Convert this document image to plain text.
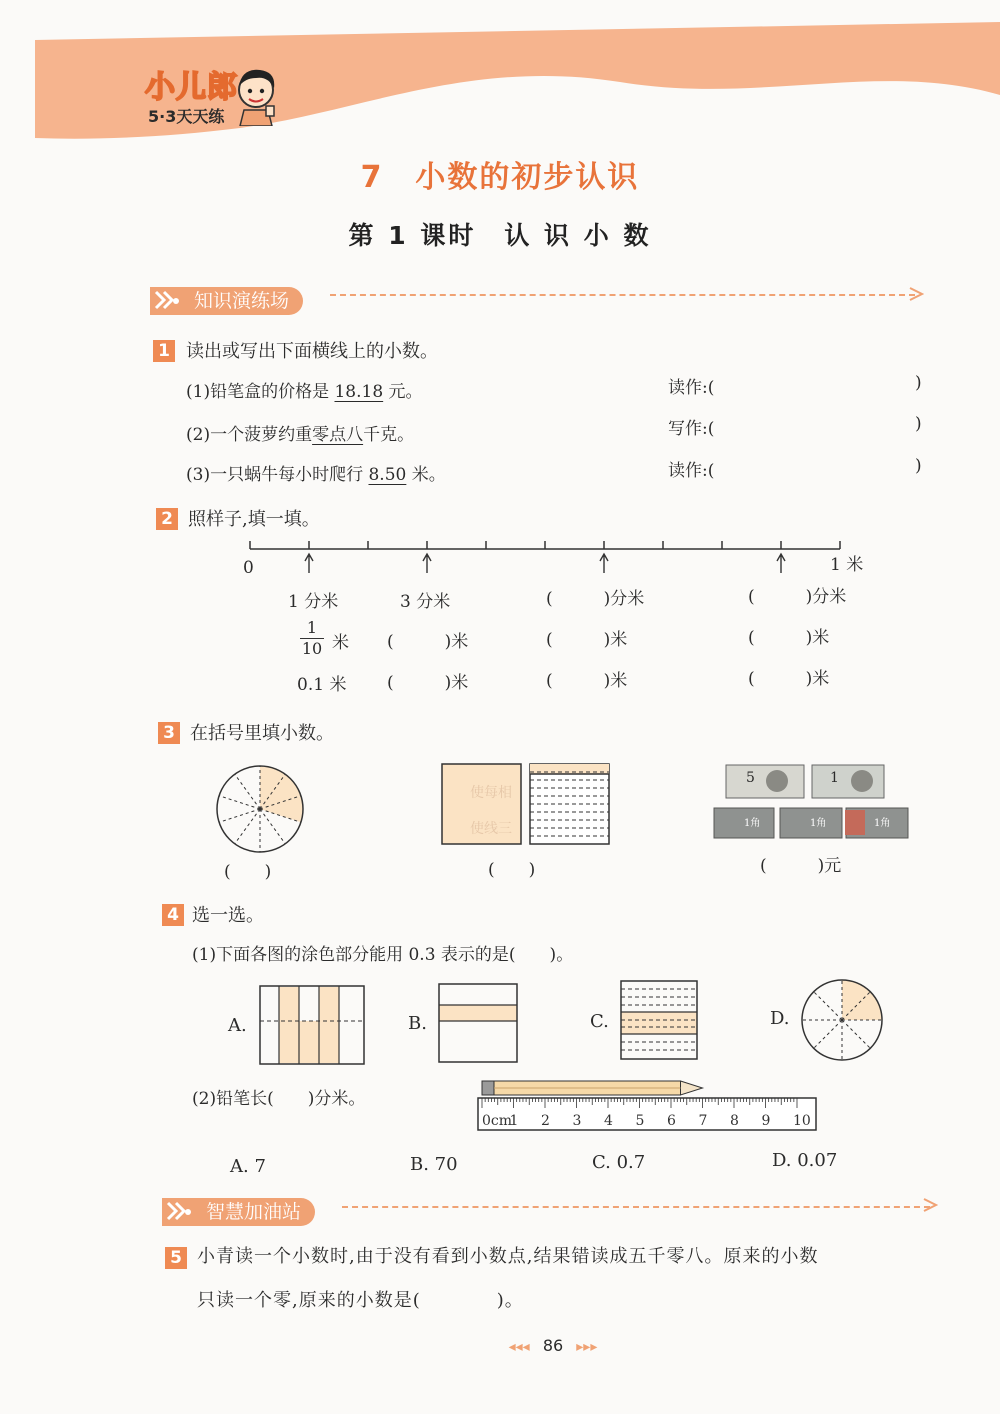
小儿郎
5·3天天练
7　小数的初步认识
第 1 课时　认 识 小 数
知识演练场
1 读出或写出下面横线上的小数。
(1)铅笔盒的价格是 18.18 元。	读作:(	)
(2)一个菠萝约重零点八千克。	写作:(	)
(3)一只蜗牛每小时爬行 8.50 米。	读作:(	)
2 照样子,填一填。
0	1 米
1 分米	3 分米	(　　　)分米	(　　　)分米
$\frac{1}{10}$ 米 (　　　)米	(　　　)米	(　　　)米
0.1 米 (　　　)米	(　　　)米	(　　　)米
3 在括号里填小数。
(　　)
使每相
使线三
(　　)
5	1
1角	1角	1角
(　　　)元
4 选一选。
(1)下面各图的涂色部分能用 0.3 表示的是(　　)。
A.	B.	C.	D.
(2)铅笔长(　　)分米。
0cm
1 2 3 4 5 6 7 8 9 10
A. 7	B. 70	C. 0.7	D. 0.07
智慧加油站
5 小青读一个小数时,由于没有看到小数点,结果错读成五千零八。原来的小数
只读一个零,原来的小数是(　　　　)。
◂◂◂ 86 ▸▸▸
